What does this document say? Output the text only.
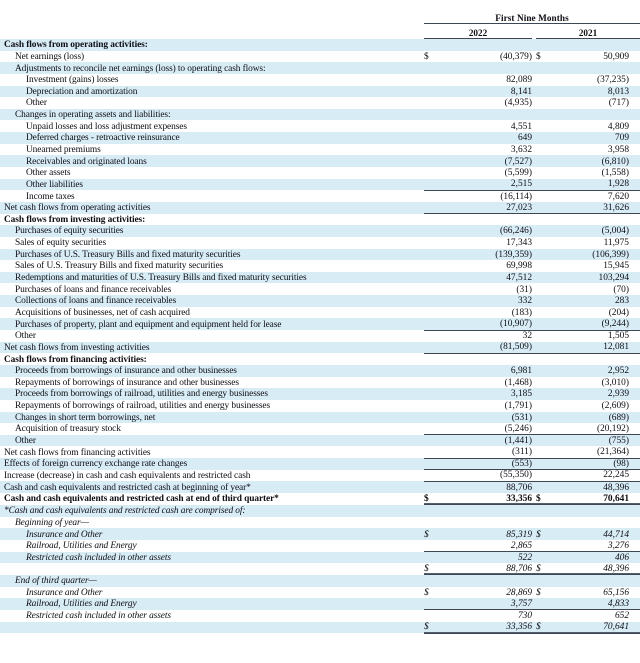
	First Nine Months		
	2022		2021
Cash flows from operating activities:					
Net earnings (loss)	$	(40,379)		$	50,909
Adjustments to reconcile net earnings (loss) to operating cash flows:					
Investment (gains) losses		82,089			(37,235)
Depreciation and amortization		8,141			8,013
Other		(4,935)			(717)
Changes in operating assets and liabilities:					
Unpaid losses and loss adjustment expenses		4,551			4,809
Deferred charges - retroactive reinsurance		649			709
Unearned premiums		3,632			3,958
Receivables and originated loans		(7,527)			(6,810)
Other assets		(5,599)			(1,558)
Other liabilities		2,515			1,928
Income taxes		(16,114)			7,620
Net cash flows from operating activities		27,023			31,626
Cash flows from investing activities:					
Purchases of equity securities		(66,246)			(5,004)
Sales of equity securities		17,343			11,975
Purchases of U.S. Treasury Bills and fixed maturity securities		(139,359)			(106,399)
Sales of U.S. Treasury Bills and fixed maturity securities		69,998			15,945
Redemptions and maturities of U.S. Treasury Bills and fixed maturity securities		47,512			103,294
Purchases of loans and finance receivables		(31)			(70)
Collections of loans and finance receivables		332			283
Acquisitions of businesses, net of cash acquired		(183)			(204)
Purchases of property, plant and equipment and equipment held for lease		(10,907)			(9,244)
Other		32			1,505
Net cash flows from investing activities		(81,509)			12,081
Cash flows from financing activities:					
Proceeds from borrowings of insurance and other businesses		6,981			2,952
Repayments of borrowings of insurance and other businesses		(1,468)			(3,010)
Proceeds from borrowings of railroad, utilities and energy businesses		3,185			2,939
Repayments of borrowings of railroad, utilities and energy businesses		(1,791)			(2,609)
Changes in short term borrowings, net		(531)			(689)
Acquisition of treasury stock		(5,246)			(20,192)
Other		(1,441)			(755)
Net cash flows from financing activities		(311)			(21,364)
Effects of foreign currency exchange rate changes		(553)			(98)
Increase (decrease) in cash and cash equivalents and restricted cash		(55,350)			22,245
Cash and cash equivalents and restricted cash at beginning of year*		88,706			48,396
Cash and cash equivalents and restricted cash at end of third quarter*	$	33,356		$	70,641
*Cash and cash equivalents and restricted cash are comprised of:					
Beginning of year—					
Insurance and Other	$	85,319		$	44,714
Railroad, Utilities and Energy		2,865			3,276
Restricted cash included in other assets		522			406
	$	88,706		$	48,396
End of third quarter—					
Insurance and Other	$	28,869		$	65,156
Railroad, Utilities and Energy		3,757			4,833
Restricted cash included in other assets		730			652
	$	33,356		$	70,641
